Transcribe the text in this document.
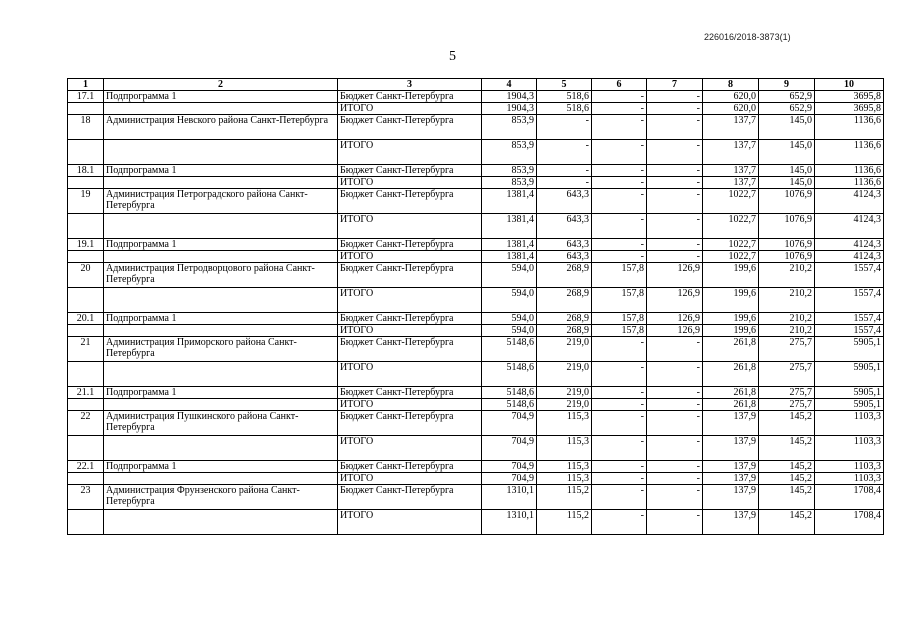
226016/2018-3873(1)
5
1	2	3	4	5	6	7	8	9	10
17.1	Подпрограмма 1	Бюджет Санкт-Петербурга	1904,3	518,6	-	-	620,0	652,9	3695,8
		ИТОГО	1904,3	518,6	-	-	620,0	652,9	3695,8
18	Администрация Невского района Санкт-Петербурга	Бюджет Санкт-Петербурга	853,9	-	-	-	137,7	145,0	1136,6
		ИТОГО	853,9	-	-	-	137,7	145,0	1136,6
18.1	Подпрограмма 1	Бюджет Санкт-Петербурга	853,9	-	-	-	137,7	145,0	1136,6
		ИТОГО	853,9	-	-	-	137,7	145,0	1136,6
19	Администрация Петроградского района Санкт-Петербурга	Бюджет Санкт-Петербурга	1381,4	643,3	-	-	1022,7	1076,9	4124,3
		ИТОГО	1381,4	643,3	-	-	1022,7	1076,9	4124,3
19.1	Подпрограмма 1	Бюджет Санкт-Петербурга	1381,4	643,3	-	-	1022,7	1076,9	4124,3
		ИТОГО	1381,4	643,3	-	-	1022,7	1076,9	4124,3
20	Администрация Петродворцового района Санкт-Петербурга	Бюджет Санкт-Петербурга	594,0	268,9	157,8	126,9	199,6	210,2	1557,4
		ИТОГО	594,0	268,9	157,8	126,9	199,6	210,2	1557,4
20.1	Подпрограмма 1	Бюджет Санкт-Петербурга	594,0	268,9	157,8	126,9	199,6	210,2	1557,4
		ИТОГО	594,0	268,9	157,8	126,9	199,6	210,2	1557,4
21	Администрация Приморского района Санкт-Петербурга	Бюджет Санкт-Петербурга	5148,6	219,0	-	-	261,8	275,7	5905,1
		ИТОГО	5148,6	219,0	-	-	261,8	275,7	5905,1
21.1	Подпрограмма 1	Бюджет Санкт-Петербурга	5148,6	219,0	-	-	261,8	275,7	5905,1
		ИТОГО	5148,6	219,0	-	-	261,8	275,7	5905,1
22	Администрация Пушкинского района Санкт-Петербурга	Бюджет Санкт-Петербурга	704,9	115,3	-	-	137,9	145,2	1103,3
		ИТОГО	704,9	115,3	-	-	137,9	145,2	1103,3
22.1	Подпрограмма 1	Бюджет Санкт-Петербурга	704,9	115,3	-	-	137,9	145,2	1103,3
		ИТОГО	704,9	115,3	-	-	137,9	145,2	1103,3
23	Администрация Фрунзенского района Санкт-Петербурга	Бюджет Санкт-Петербурга	1310,1	115,2	-	-	137,9	145,2	1708,4
		ИТОГО	1310,1	115,2	-	-	137,9	145,2	1708,4
